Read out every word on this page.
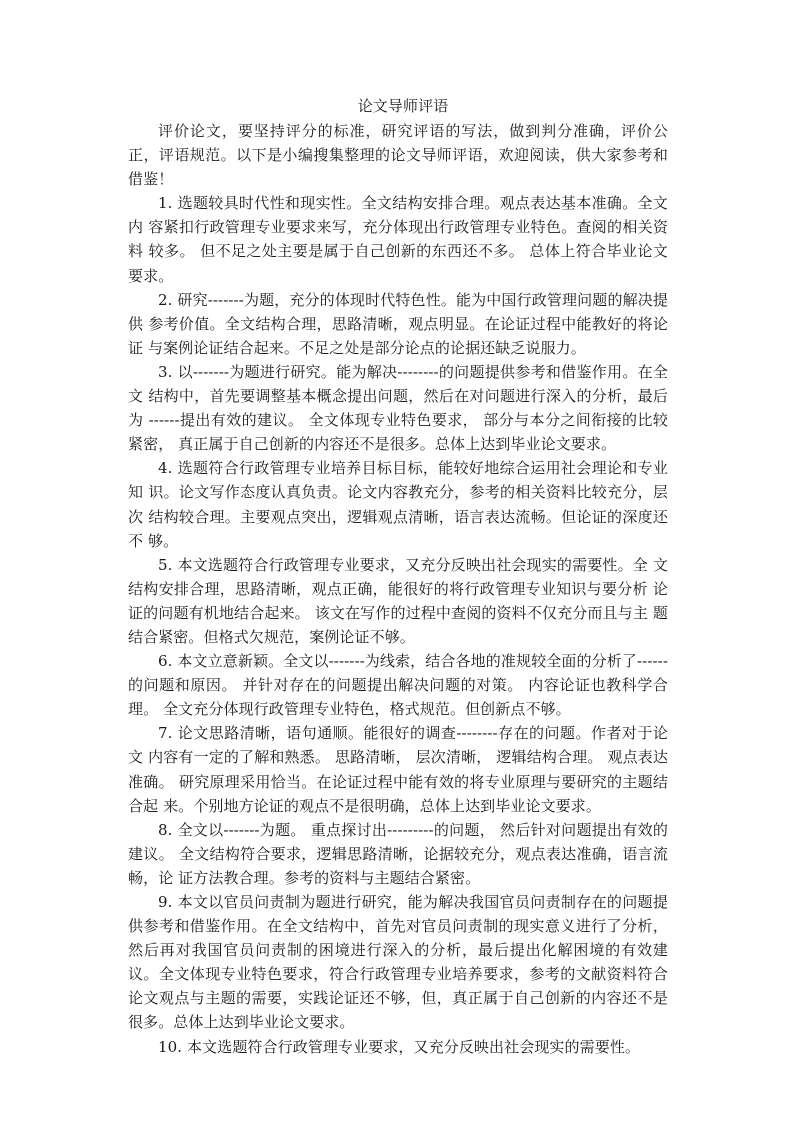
论文导师评语

评价论文，要坚持评分的标准，研究评语的写法，做到判分准确，评价公正，评语规范。以下是小编搜集整理的论文导师评语，欢迎阅读，供大家参考和借鉴！

1. 选题较具时代性和现实性。全文结构安排合理。观点表达基本准确。全文内 容紧扣行政管理专业要求来写，充分体现出行政管理专业特色。查阅的相关资料 较多。 但不足之处主要是属于自己创新的东西还不多。 总体上符合毕业论文要求。

2. 研究-------为题，充分的体现时代特色性。能为中国行政管理问题的解决提供 参考价值。全文结构合理，思路清晰，观点明显。在论证过程中能教好的将论证 与案例论证结合起来。不足之处是部分论点的论据还缺乏说服力。

3. 以-------为题进行研究。能为解决--------的问题提供参考和借鉴作用。在全文 结构中，首先要调整基本概念提出问题，然后在对问题进行深入的分析，最后为 ------提出有效的建议。 全文体现专业特色要求， 部分与本分之间衔接的比较紧密， 真正属于自己创新的内容还不是很多。总体上达到毕业论文要求。

4. 选题符合行政管理专业培养目标目标，能较好地综合运用社会理论和专业知 识。论文写作态度认真负责。论文内容教充分，参考的相关资料比较充分，层次 结构较合理。主要观点突出，逻辑观点清晰，语言表达流畅。但论证的深度还不 够。

5. 本文选题符合行政管理专业要求，又充分反映出社会现实的需要性。全 文结构安排合理，思路清晰，观点正确，能很好的将行政管理专业知识与要分析 论证的问题有机地结合起来。 该文在写作的过程中查阅的资料不仅充分而且与主 题结合紧密。但格式欠规范，案例论证不够。

6. 本文立意新颖。全文以-------为线索，结合各地的准规较全面的分析了------的问题和原因。 并针对存在的问题提出解决问题的对策。 内容论证也教科学合理。 全文充分体现行政管理专业特色，格式规范。但创新点不够。

7. 论文思路清晰，语句通顺。能很好的调查--------存在的问题。作者对于论文 内容有一定的了解和熟悉。 思路清晰， 层次清晰， 逻辑结构合理。 观点表达准确。 研究原理采用恰当。在论证过程中能有效的将专业原理与要研究的主题结合起 来。个别地方论证的观点不是很明确，总体上达到毕业论文要求。

8. 全文以-------为题。 重点探讨出---------的问题， 然后针对问题提出有效的建议。 全文结构符合要求，逻辑思路清晰，论据较充分，观点表达准确，语言流畅，论 证方法教合理。参考的资料与主题结合紧密。

9. 本文以官员问责制为题进行研究，能为解决我国官员问责制存在的问题提供参考和借鉴作用。在全文结构中，首先对官员问责制的现实意义进行了分析，然后再对我国官员问责制的困境进行深入的分析，最后提出化解困境的有效建议。全文体现专业特色要求，符合行政管理专业培养要求，参考的文献资料符合论文观点与主题的需要，实践论证还不够，但，真正属于自己创新的内容还不是很多。总体上达到毕业论文要求。

10. 本文选题符合行政管理专业要求，又充分反映出社会现实的需要性。
